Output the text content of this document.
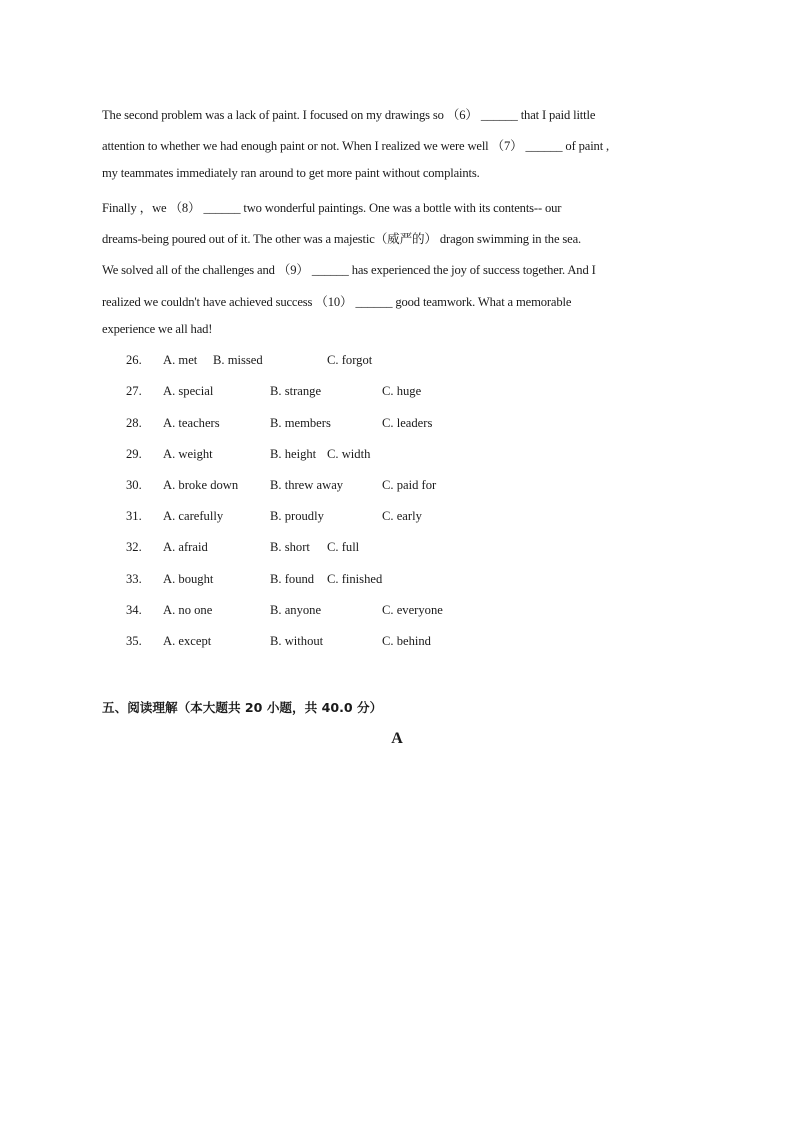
The second problem was a lack of paint. I focused on my drawings so （6） ______ that I paid little
attention to whether we had enough paint or not. When I realized we were well （7） ______ of paint ,
my teammates immediately ran around to get more paint without complaints.
Finally ，we （8） ______ two wonderful paintings. One was a bottle with its contents-- our
dreams-being poured out of it. The other was a majestic（威严的） dragon swimming in the sea.
We solved all of the challenges and （9） ______ has experienced the joy of success together. And I
realized we couldn't have achieved success （10） ______ good teamwork. What a memorable
experience we all had!
26. A. met B. missed	C. forgot
27. A. special	B. strange	C. huge
28. A. teachers	B. members	C. leaders
29. A. weight	B. height C. width
30. A. broke down	B. threw away	C. paid for
31. A. carefully	B. proudly	C. early
32. A. afraid	B. short C. full
33. A. bought	B. found C. finished
34. A. no one	B. anyone	C. everyone
35. A. except	B. without	C. behind
五、阅读理解（本大题共 20 小题，共 40.0 分）
A
